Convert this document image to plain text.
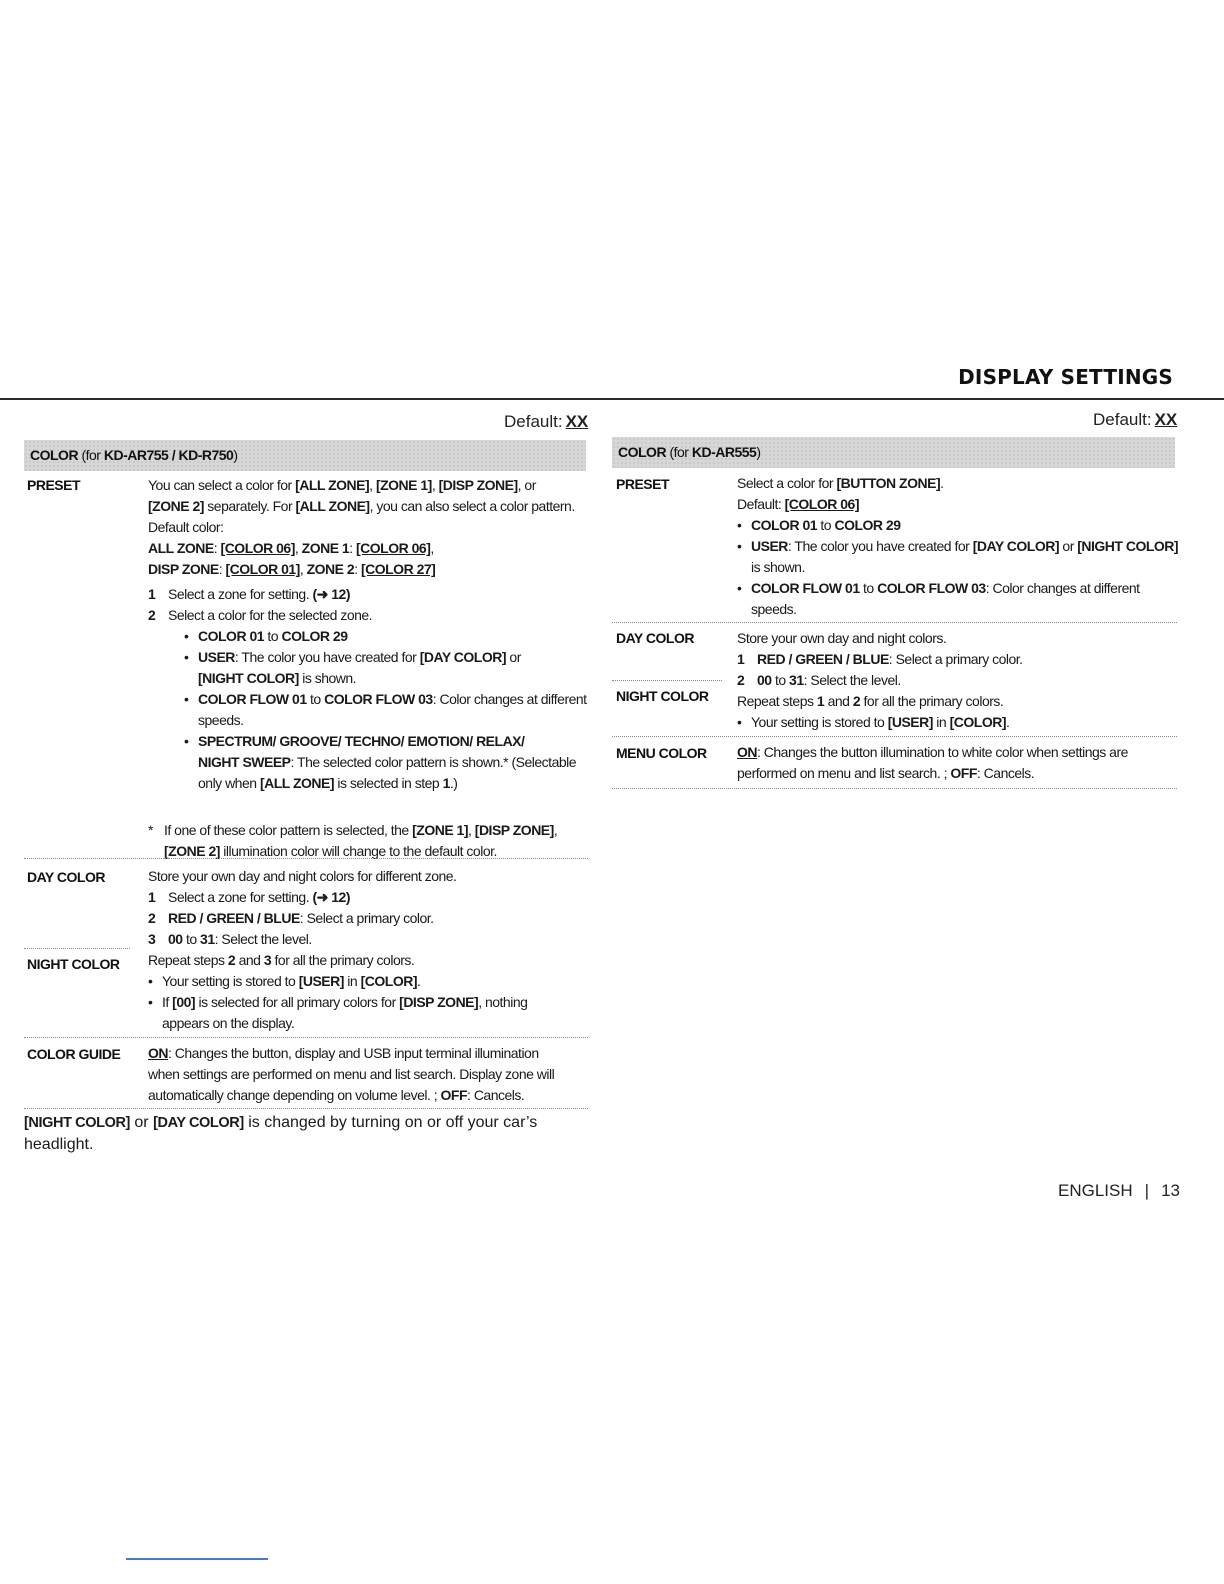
DISPLAY SETTINGS
Default: XX
COLOR (for KD-AR755 / KD-R750)
PRESET	You can select a color for [ALL ZONE], [ZONE 1], [DISP ZONE], or
[ZONE 2] separately. For [ALL ZONE], you can also select a color pattern.
Default color:
ALL ZONE: [COLOR 06], ZONE 1: [COLOR 06],
DISP ZONE: [COLOR 01], ZONE 2: [COLOR 27]
1 Select a zone for setting. (➜ 12)
2 Select a color for the selected zone.
• COLOR 01 to COLOR 29
• USER: The color you have created for [DAY COLOR] or
[NIGHT COLOR] is shown.
• COLOR FLOW 01 to COLOR FLOW 03: Color changes at different
speeds.
• SPECTRUM/ GROOVE/ TECHNO/ EMOTION/ RELAX/
NIGHT SWEEP: The selected color pattern is shown.* (Selectable
only when [ALL ZONE] is selected in step 1.)
* If one of these color pattern is selected, the [ZONE 1], [DISP ZONE],
[ZONE 2] illumination color will change to the default color.
DAY COLOR	Store your own day and night colors for different zone.
1 Select a zone for setting. (➜ 12)
2 RED / GREEN / BLUE: Select a primary color.
3 00 to 31: Select the level.
NIGHT COLOR Repeat steps 2 and 3 for all the primary colors.
• Your setting is stored to [USER] in [COLOR].
• If [00] is selected for all primary colors for [DISP ZONE], nothing
appears on the display.
COLOR GUIDE ON: Changes the button, display and USB input terminal illumination
when settings are performed on menu and list search. Display zone will
automatically change depending on volume level. ; OFF: Cancels.
[NIGHT COLOR] or [DAY COLOR] is changed by turning on or off your car’s
headlight.
Default: XX
COLOR (for KD-AR555)
PRESET	Select a color for [BUTTON ZONE].
Default: [COLOR 06]
• COLOR 01 to COLOR 29
• USER: The color you have created for [DAY COLOR] or [NIGHT COLOR]
is shown.
• COLOR FLOW 01 to COLOR FLOW 03: Color changes at different
speeds.
DAY COLOR	Store your own day and night colors.
1 RED / GREEN / BLUE: Select a primary color.
2 00 to 31: Select the level.
NIGHT COLOR Repeat steps 1 and 2 for all the primary colors.
• Your setting is stored to [USER] in [COLOR].
MENU COLOR ON: Changes the button illumination to white color when settings are
performed on menu and list search. ; OFF: Cancels.
ENGLISH | 13
